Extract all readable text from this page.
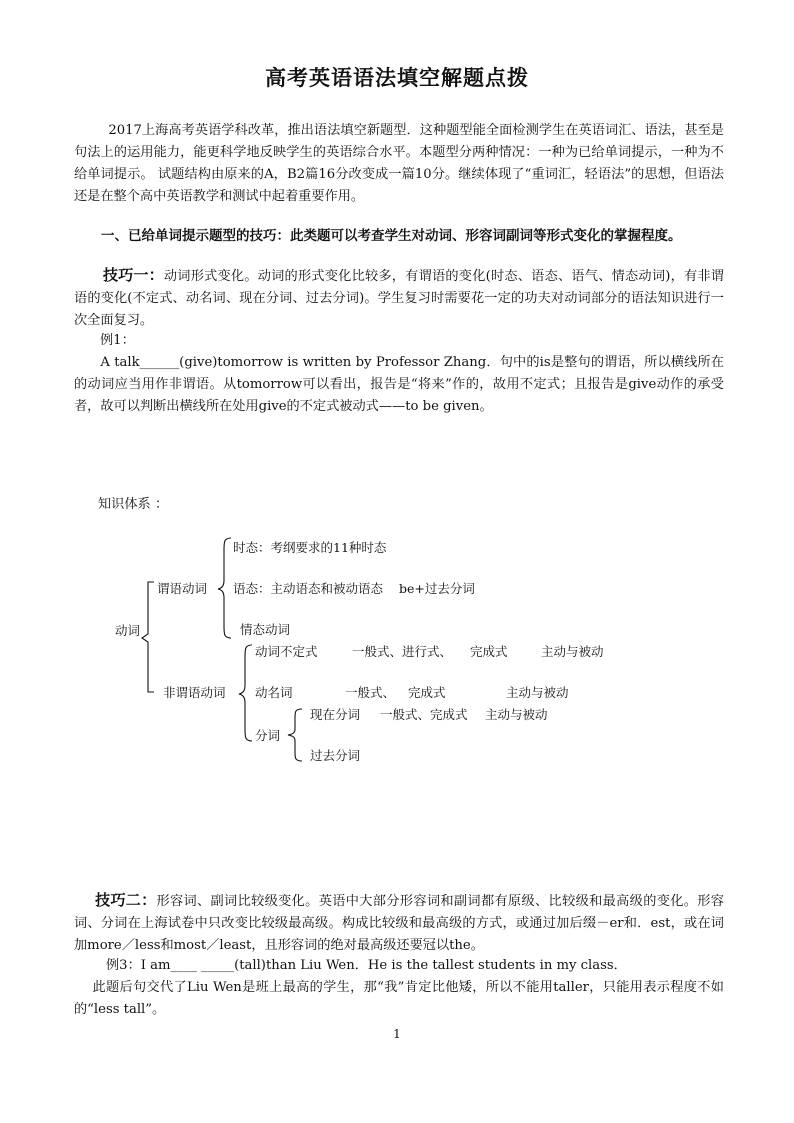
高考英语语法填空解题点拨
2017上海高考英语学科改革，推出语法填空新题型．这种题型能全面检测学生在英语词汇、语法，甚至是句法上的运用能力，能更科学地反映学生的英语综合水平。本题型分两种情况：一种为已给单词提示，一种为不给单词提示。 试题结构由原来的A，B2篇16分改变成一篇10分。继续体现了“重词汇，轻语法”的思想，但语法还是在整个高中英语教学和测试中起着重要作用。
一、已给单词提示题型的技巧：此类题可以考查学生对动词、形容词副词等形式变化的掌握程度。
技巧一：动词形式变化。动词的形式变化比较多，有谓语的变化(时态、语态、语气、情态动词)，有非谓语的变化(不定式、动名词、现在分词、过去分词)。学生复习时需要花一定的功夫对动词部分的语法知识进行一次全面复习。
例1：
A talk______(give)tomorrow is written by Professor Zhang．句中的is是整句的谓语，所以横线所在的动词应当用作非谓语。从tomorrow可以看出，报告是“将来”作的，故用不定式；且报告是give动作的承受者，故可以判断出横线所在处用give的不定式被动式——to be given。
知识体系 ：
动词
谓语动词
时态：考纲要求的11种时态
语态：主动语态和被动语态 be+过去分词
情态动词
非谓语动词
动词不定式	一般式、进行式、 完成式	主动与被动
动名词	一般式、 完成式	主动与被动
分词
现在分词 一般式、完成式 主动与被动
过去分词
技巧二：形容词、副词比较级变化。英语中大部分形容词和副词都有原级、比较级和最高级的变化。形容词、分词在上海试卷中只改变比较级最高级。构成比较级和最高级的方式，或通过加后缀－er和．est，或在词加more／less和most／least，且形容词的绝对最高级还要冠以the。
例3：I am____ _____(tall)than Liu Wen．He is the tallest students in my class．
此题后句交代了Liu Wen是班上最高的学生，那“我”肯定比他矮，所以不能用taller，只能用表示程度不如的“less tall”。
1
